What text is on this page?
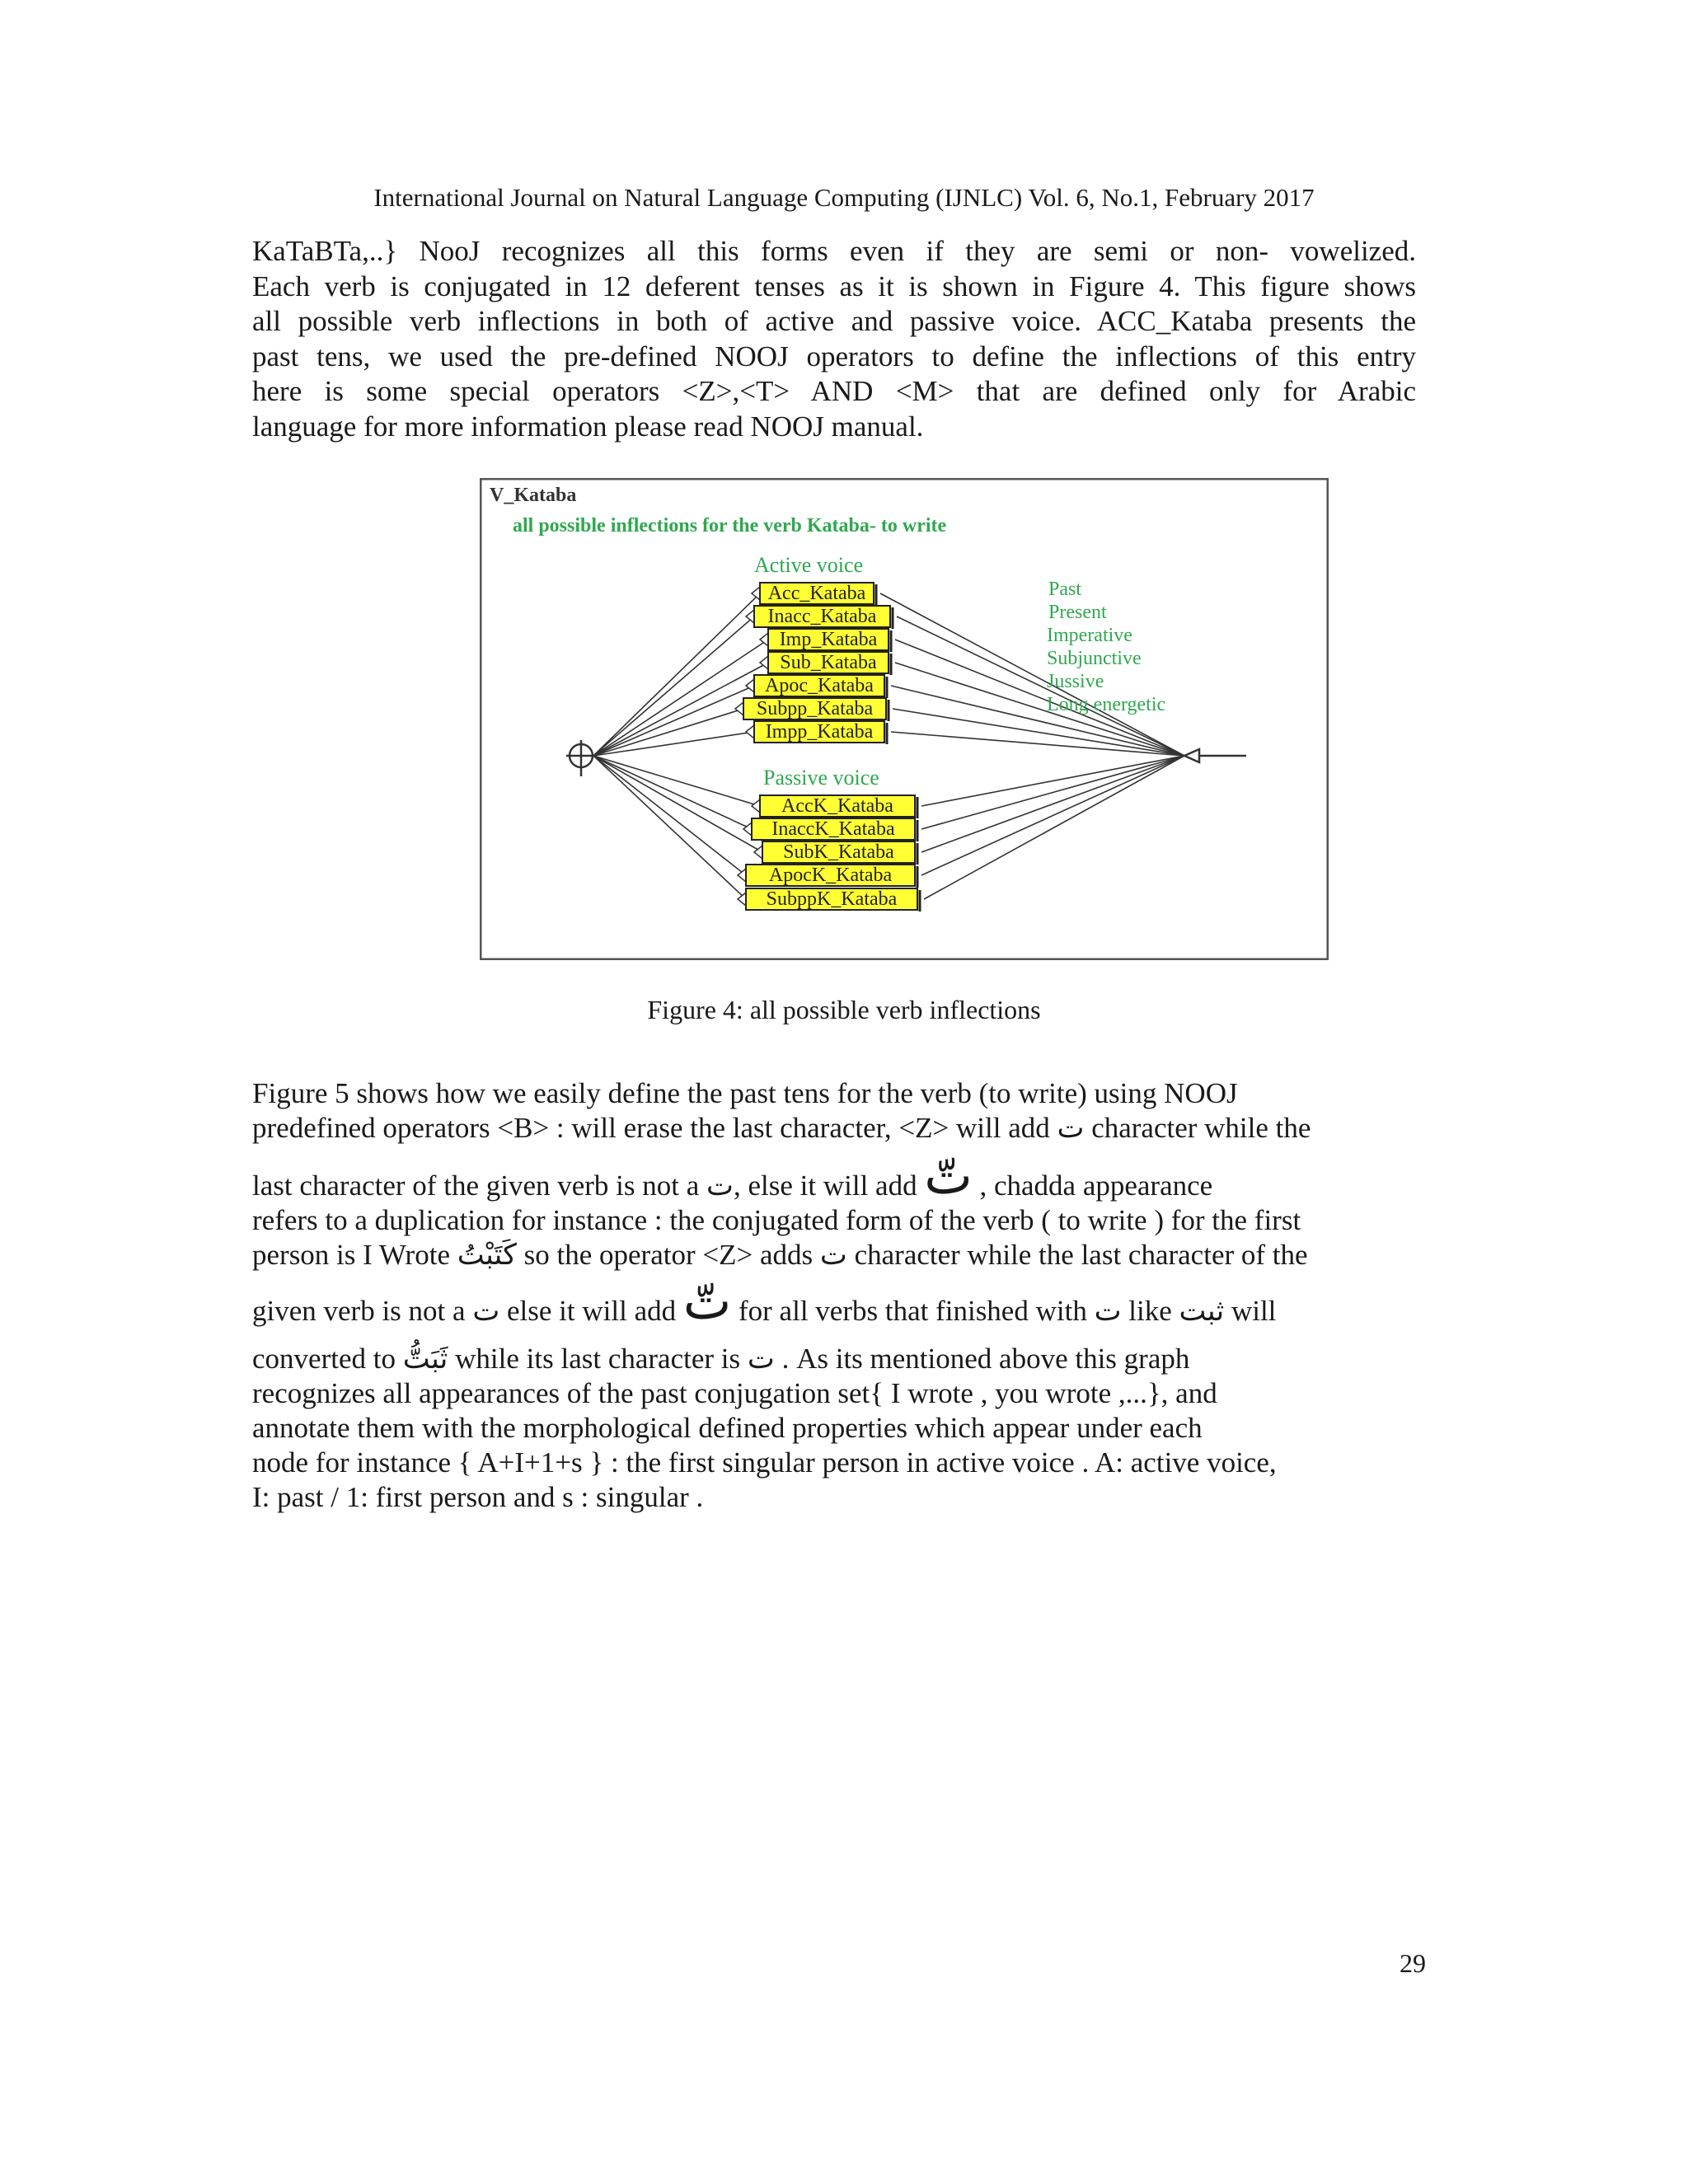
International Journal on Natural Language Computing (IJNLC) Vol. 6, No.1, February 2017
KaTaBTa,..} NooJ recognizes all this forms even if they are semi or non- vowelized.
Each verb is conjugated in 12 deferent tenses as it is shown in Figure 4. This figure shows
all possible verb inflections in both of active and passive voice. ACC_Kataba presents the
past tens, we used the pre-defined NOOJ operators to define the inflections of this entry
here is some special operators <Z>,<T> AND <M> that are defined only for Arabic
language for more information please read NOOJ manual.
Acc_Kataba
Inacc_Kataba
Imp_Kataba
Sub_Kataba
Apoc_Kataba
Subpp_Kataba
Impp_Kataba
AccK_Kataba
InaccK_Kataba
SubK_Kataba
ApocK_Kataba
SubppK_Kataba
V_Kataba
all possible inflections for the verb Kataba- to write
Active voice
Passive voice
Past
Present
Imperative
Subjunctive
Jussive
Long energetic
Figure 4: all possible verb inflections
Figure 5 shows how we easily define the past tens for the verb (to write) using NOOJ
predefined operators <B> : will erase the last character, <Z> will add ت character while the
last character of the given verb is not a ت, else it will add تّ , chadda appearance
refers to a duplication for instance : the conjugated form of the verb ( to write ) for the first
person is I Wrote كَتَبْتُ so the operator <Z> adds ت character while the last character of the
given verb is not a ت else it will add تّ for all verbs that finished with ت like ثبت will
converted to ثَبَتُّ while its last character is ت . As its mentioned above this graph
recognizes all appearances of the past conjugation set{ I wrote , you wrote ,...}, and
annotate them with the morphological defined properties which appear under each
node for instance { A+I+1+s } : the first singular person in active voice . A: active voice,
I: past / 1: first person and s : singular .
29
